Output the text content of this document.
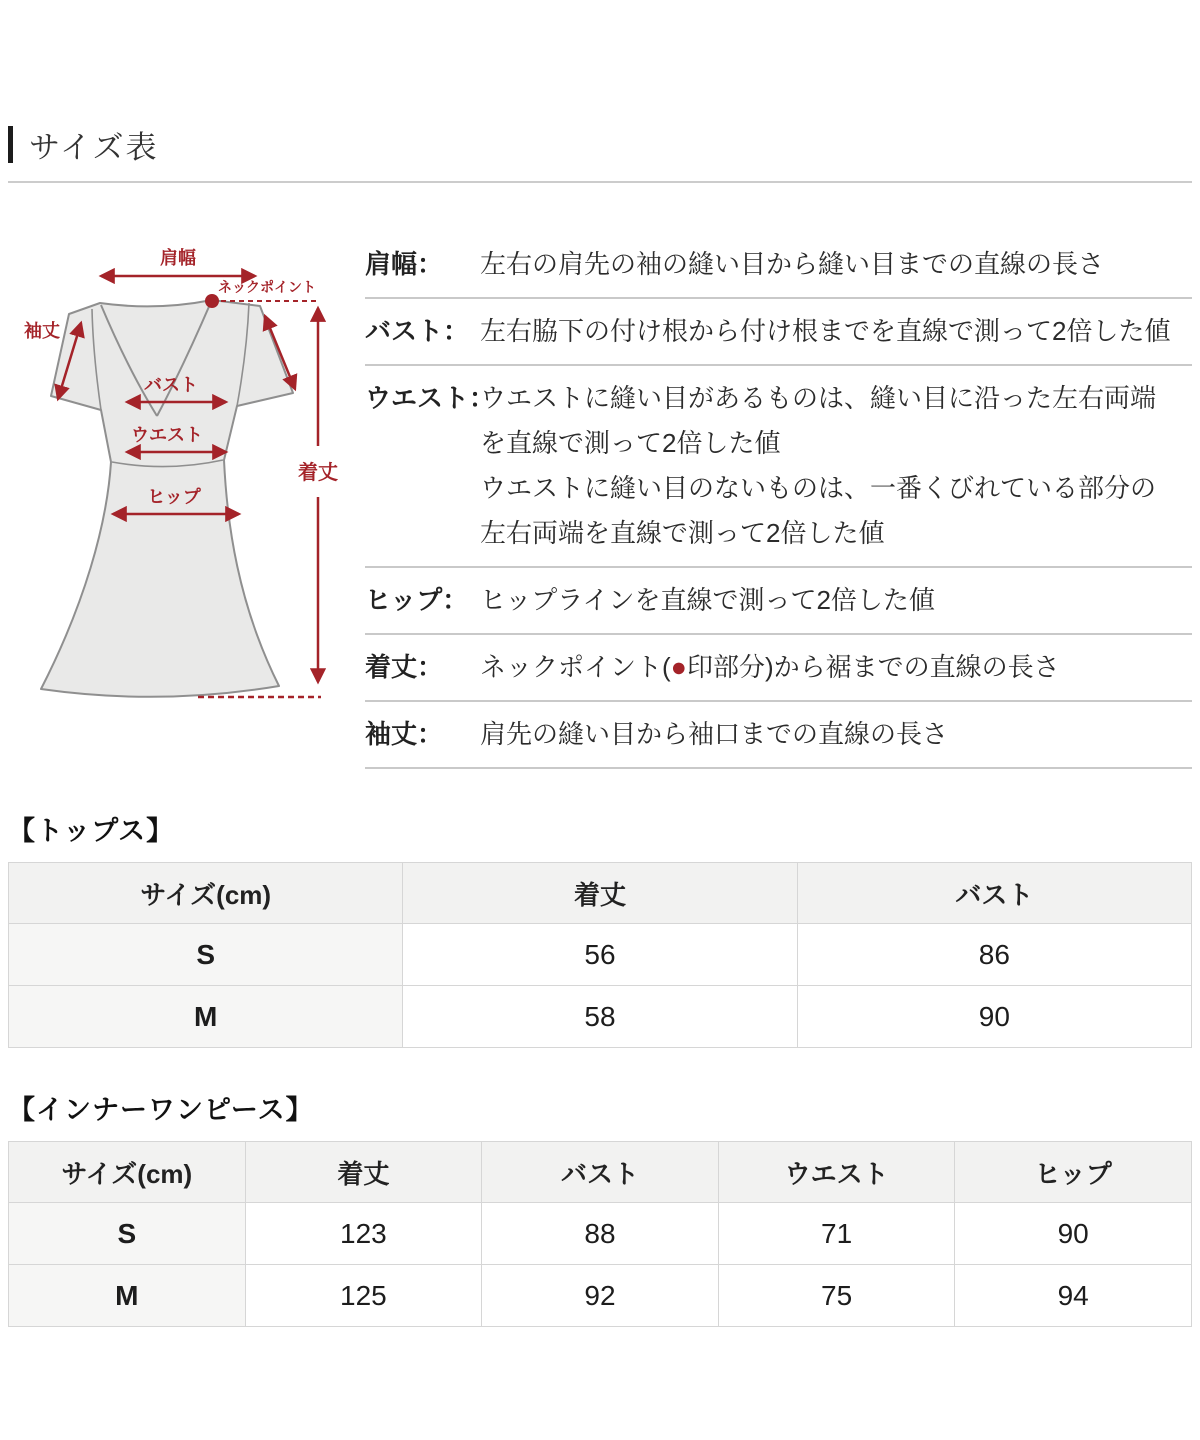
サイズ表
肩幅
ネックポイント
袖丈
バスト
ウエスト
ヒップ
着丈
肩幅： 左右の肩先の袖の縫い目から縫い目までの直線の長さ
バスト： 左右脇下の付け根から付け根までを直線で測って2倍した値
ウエスト：
ウエストに縫い目があるものは、縫い目に沿った左右両端を直線で測って2倍した値
ウエストに縫い目のないものは、一番くびれている部分の左右両端を直線で測って2倍した値
ヒップ： ヒップラインを直線で測って2倍した値
着丈： ネックポイント(●印部分)から裾までの直線の長さ
袖丈： 肩先の縫い目から袖口までの直線の長さ
【トップス】
サイズ(cm)	着丈	バスト
S	56	86
M	58	90
【インナーワンピース】
サイズ(cm)	着丈	バスト	ウエスト	ヒップ
S	123	88	71	90
M	125	92	75	94
